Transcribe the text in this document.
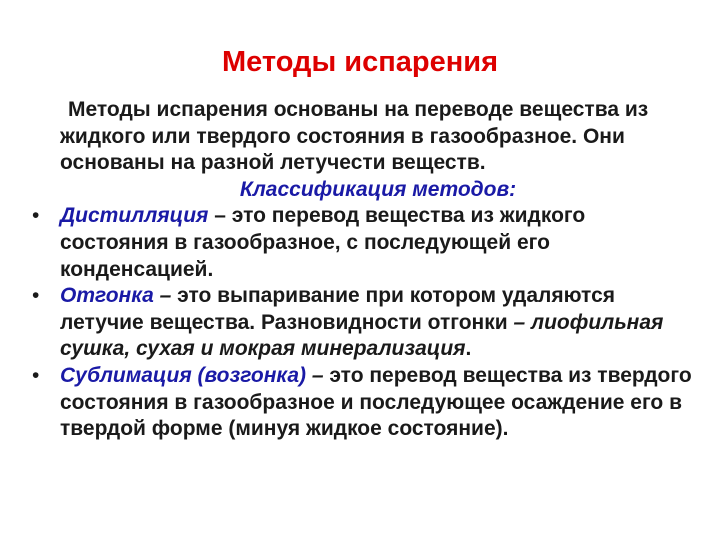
Методы испарения

Методы испарения основаны на переводе вещества из жидкого или твердого состояния в газообразное. Они основаны на разной летучести веществ.

Классификация методов:

• Дистилляция – это перевод вещества из жидкого состояния в газообразное, с последующей его конденсацией.
• Отгонка – это выпаривание при котором удаляются летучие вещества. Разновидности отгонки – лиофильная сушка, сухая и мокрая минерализация.
• Сублимация (возгонка) – это перевод вещества из твердого состояния в газообразное и последующее осаждение его в твердой форме (минуя жидкое состояние).
